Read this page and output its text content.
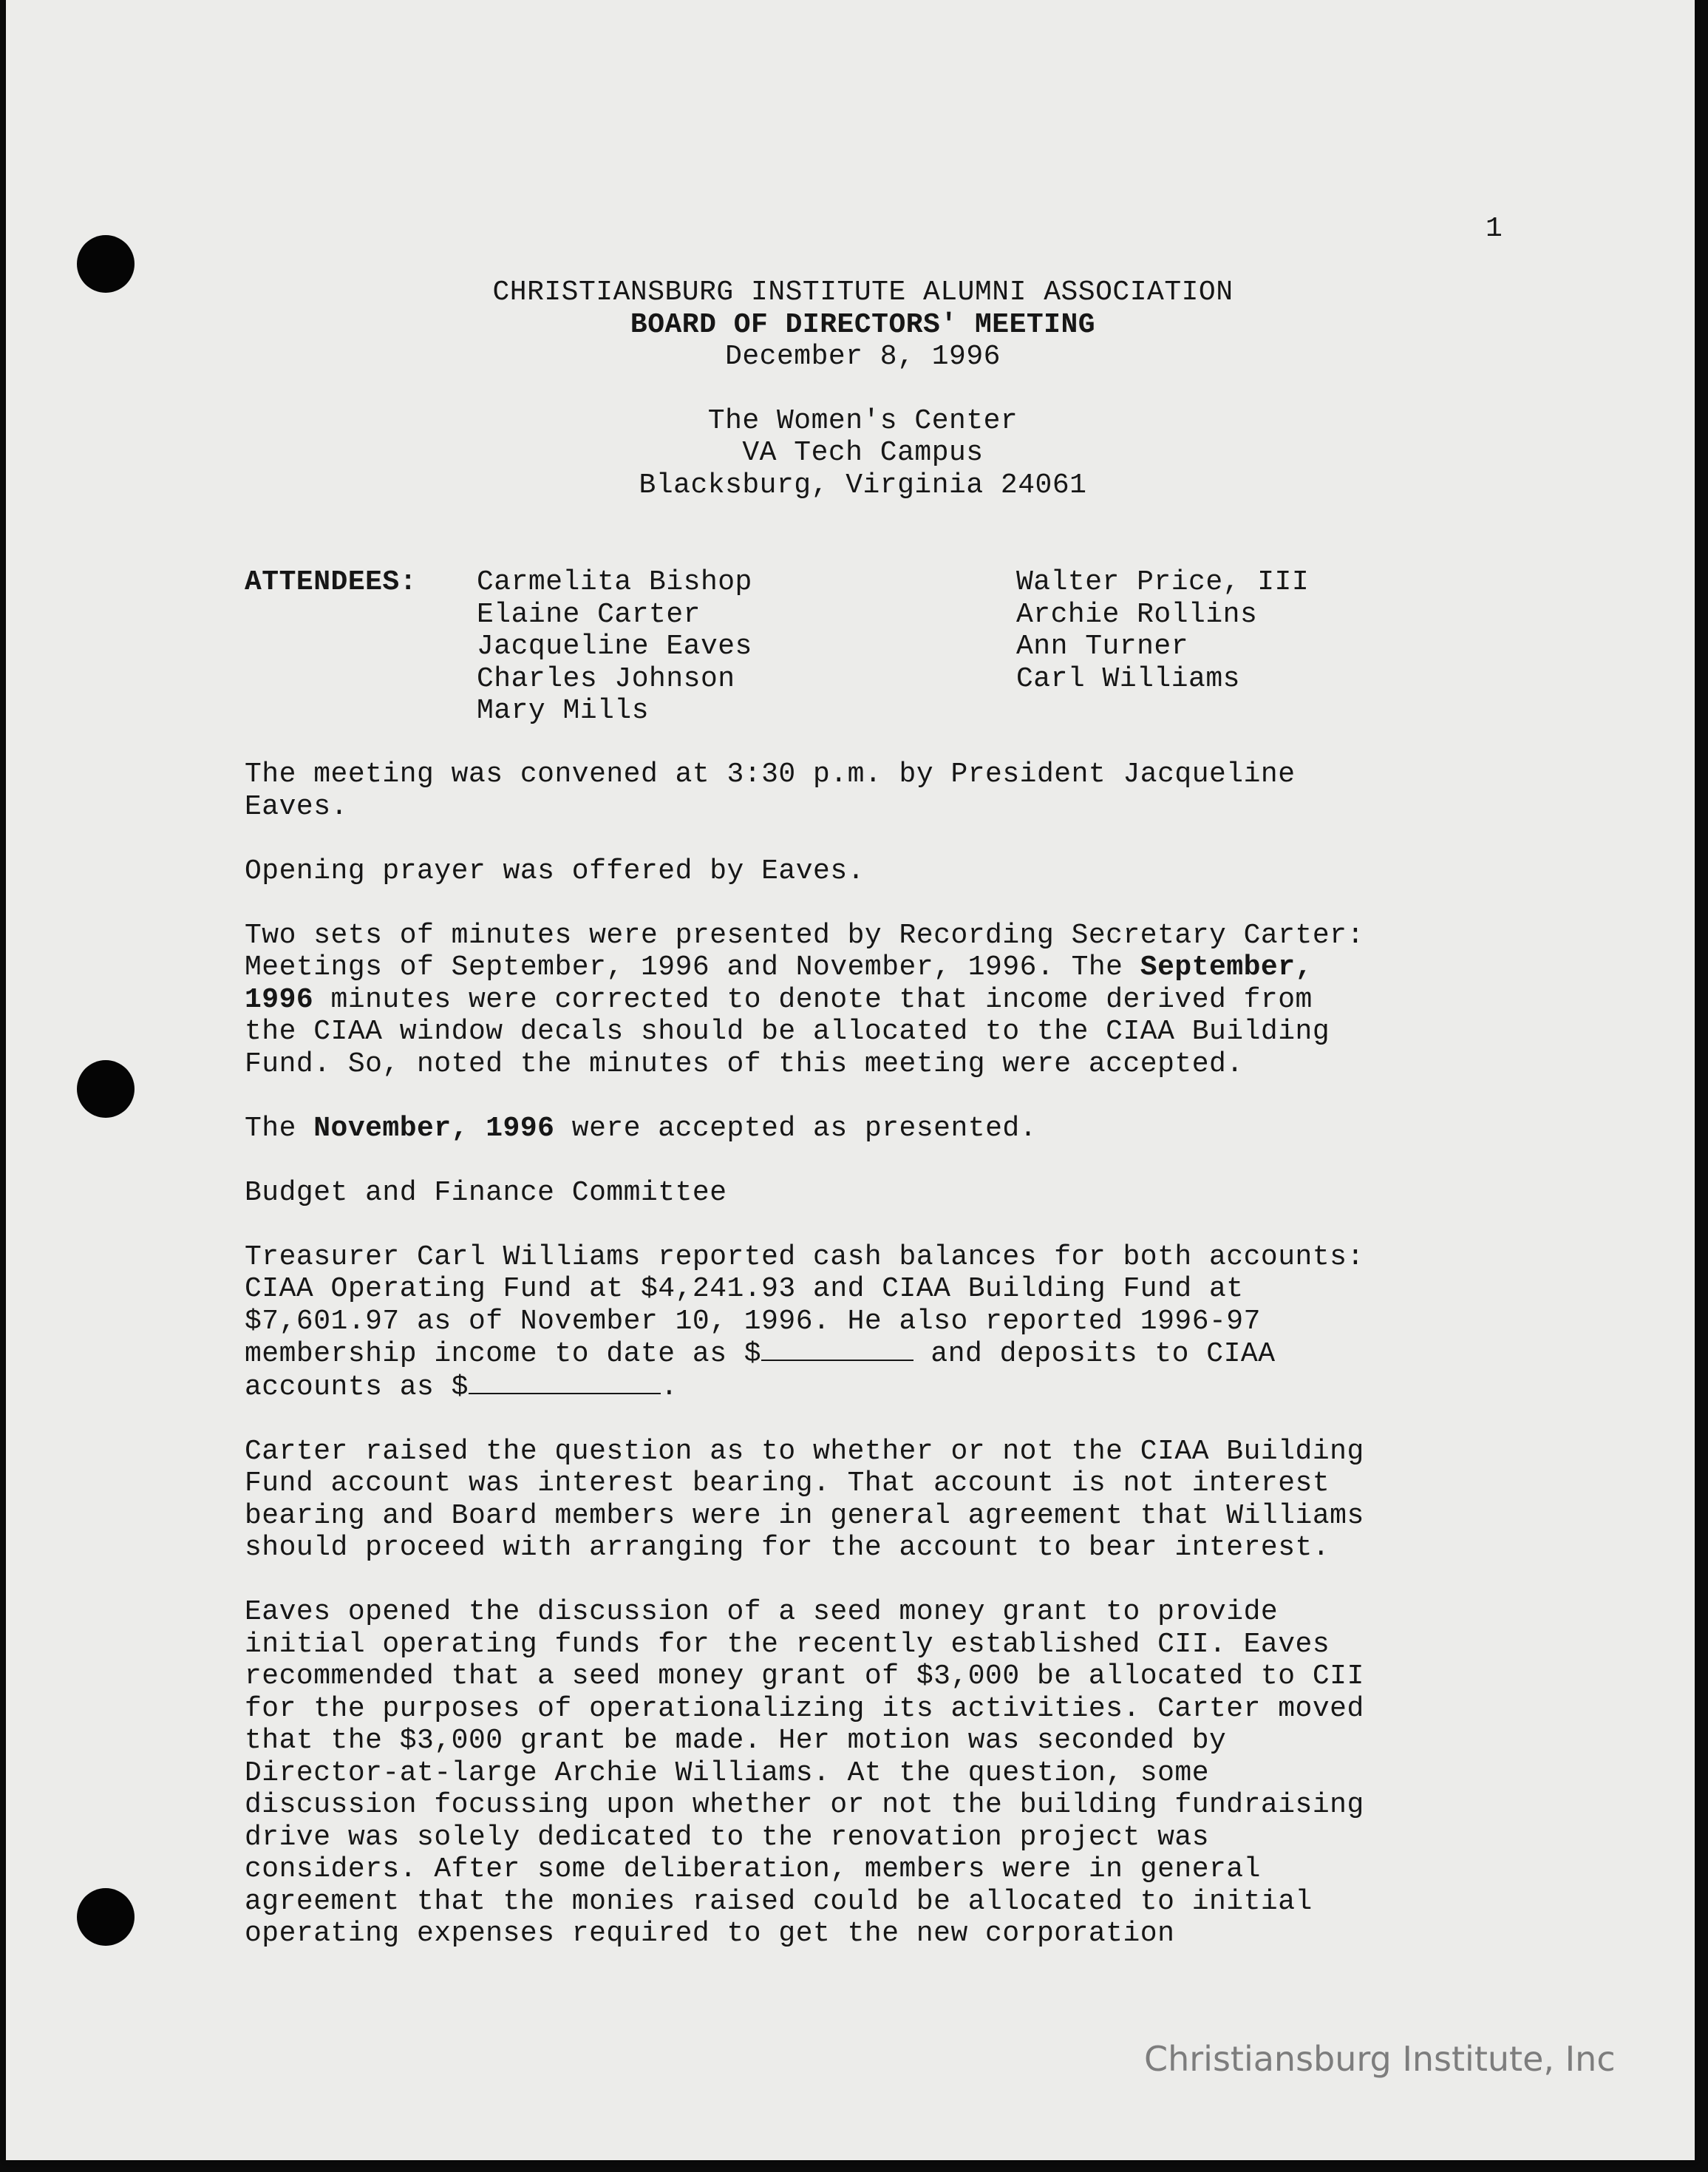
1
CHRISTIANSBURG INSTITUTE ALUMNI ASSOCIATION
BOARD OF DIRECTORS' MEETING
December 8, 1996
The Women's Center
VA Tech Campus
Blacksburg, Virginia 24061
ATTENDEES: Carmelita Bishop
Elaine Carter
Jacqueline Eaves
Charles Johnson
Mary Mills
Walter Price, III
Archie Rollins
Ann Turner
Carl Williams
The meeting was convened at 3:30 p.m. by President Jacqueline
Eaves.
Opening prayer was offered by Eaves.
Two sets of minutes were presented by Recording Secretary Carter:
Meetings of September, 1996 and November, 1996. The September,
1996 minutes were corrected to denote that income derived from
the CIAA window decals should be allocated to the CIAA Building
Fund. So, noted the minutes of this meeting were accepted.
The November, 1996 were accepted as presented.
Budget and Finance Committee
Treasurer Carl Williams reported cash balances for both accounts:
CIAA Operating Fund at $4,241.93 and CIAA Building Fund at
$7,601.97 as of November 10, 1996. He also reported 1996-97
membership income to date as $	and deposits to CIAA
accounts as $	.
Carter raised the question as to whether or not the CIAA Building
Fund account was interest bearing. That account is not interest
bearing and Board members were in general agreement that Williams
should proceed with arranging for the account to bear interest.
Eaves opened the discussion of a seed money grant to provide
initial operating funds for the recently established CII. Eaves
recommended that a seed money grant of $3,000 be allocated to CII
for the purposes of operationalizing its activities. Carter moved
that the $3,000 grant be made. Her motion was seconded by
Director-at-large Archie Williams. At the question, some
discussion focussing upon whether or not the building fundraising
drive was solely dedicated to the renovation project was
considers. After some deliberation, members were in general
agreement that the monies raised could be allocated to initial
operating expenses required to get the new corporation
Christiansburg Institute, Inc
